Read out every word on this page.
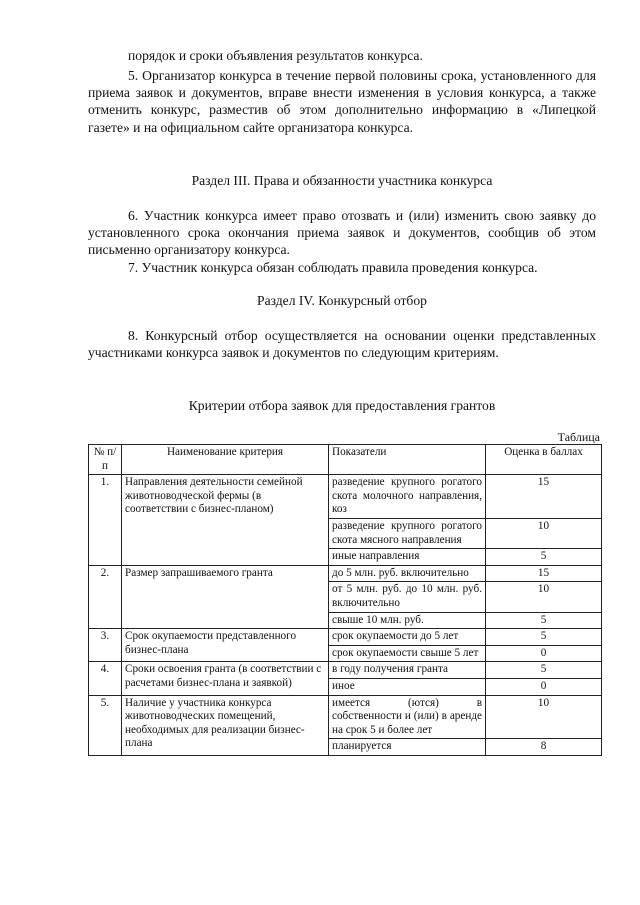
порядок и сроки объявления результатов конкурса.

5. Организатор конкурса в течение первой половины срока, установленного для приема заявок и документов, вправе внести изменения в условия конкурса, а также отменить конкурс, разместив об этом дополнительно информацию в «Липецкой газете» и на официальном сайте организатора конкурса.

Раздел III. Права и обязанности участника конкурса

6. Участник конкурса имеет право отозвать и (или) изменить свою заявку до установленного срока окончания приема заявок и документов, сообщив об этом письменно организатору конкурса.

7. Участник конкурса обязан соблюдать правила проведения конкурса.

Раздел IV. Конкурсный отбор

8. Конкурсный отбор осуществляется на основании оценки представленных участниками конкурса заявок и документов по следующим критериям.

Критерии отбора заявок для предоставления грантов

Таблица
№ п/п	Наименование критерия	Показатели	Оценка в баллах
1.	Направления деятельности семейной животноводческой фермы (в соответствии с бизнес-планом)	разведение крупного рогатого скота молочного направления, коз	15
		разведение крупного рогатого скота мясного направления	10
		иные направления	5
2.	Размер запрашиваемого гранта	до 5 млн. руб. включительно	15
		от 5 млн. руб. до 10 млн. руб. включительно	10
		свыше 10 млн. руб.	5
3.	Срок окупаемости представленного бизнес-плана	срок окупаемости до 5 лет	5
		срок окупаемости свыше 5 лет	0
4.	Сроки освоения гранта (в соответствии с расчетами бизнес-плана и заявкой)	в году получения гранта	5
		иное	0
5.	Наличие у участника конкурса животноводческих помещений, необходимых для реализации бизнес-плана	имеется (ются) в собственности и (или) в аренде на срок 5 и более лет	10
		планируется	8
